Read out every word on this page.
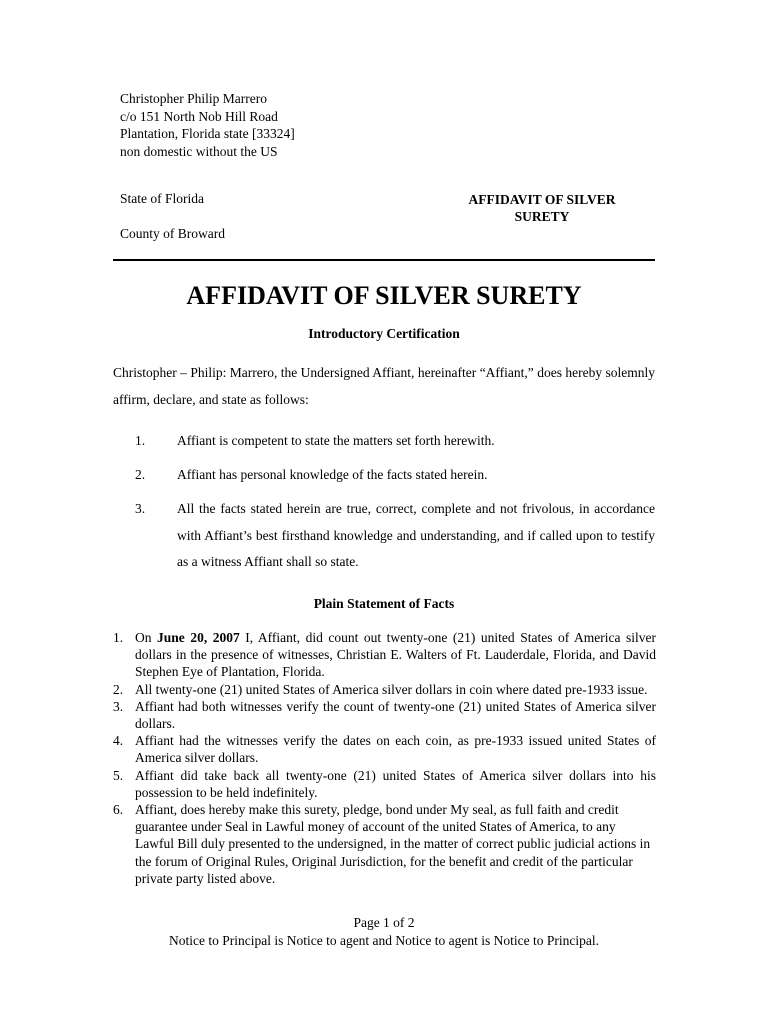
Christopher Philip Marrero
c/o 151 North Nob Hill Road
Plantation, Florida state [33324]
non domestic without the US
State of Florida
County of Broward
AFFIDAVIT OF SILVER
SURETY
AFFIDAVIT OF SILVER SURETY
Introductory Certification
Christopher – Philip: Marrero, the Undersigned Affiant, hereinafter “Affiant,” does hereby solemnly affirm, declare, and state as follows:
1. Affiant is competent to state the matters set forth herewith.
2. Affiant has personal knowledge of the facts stated herein.
3. All the facts stated herein are true, correct, complete and not frivolous, in accordance with Affiant’s best firsthand knowledge and understanding, and if called upon to testify as a witness Affiant shall so state.
Plain Statement of Facts
1. On June 20, 2007 I, Affiant, did count out twenty-one (21) united States of America silver dollars in the presence of witnesses, Christian E. Walters of Ft. Lauderdale, Florida, and David Stephen Eye of Plantation, Florida.
2. All twenty-one (21) united States of America silver dollars in coin where dated pre-1933 issue.
3. Affiant had both witnesses verify the count of twenty-one (21) united States of America silver dollars.
4. Affiant had the witnesses verify the dates on each coin, as pre-1933 issued united States of America silver dollars.
5. Affiant did take back all twenty-one (21) united States of America silver dollars into his possession to be held indefinitely.
6. Affiant, does hereby make this surety, pledge, bond under My seal, as full faith and credit guarantee under Seal in Lawful money of account of the united States of America, to any Lawful Bill duly presented to the undersigned, in the matter of correct public judicial actions in the forum of Original Rules, Original Jurisdiction, for the benefit and credit of the particular private party listed above.
Page 1 of 2
Notice to Principal is Notice to agent and Notice to agent is Notice to Principal.
